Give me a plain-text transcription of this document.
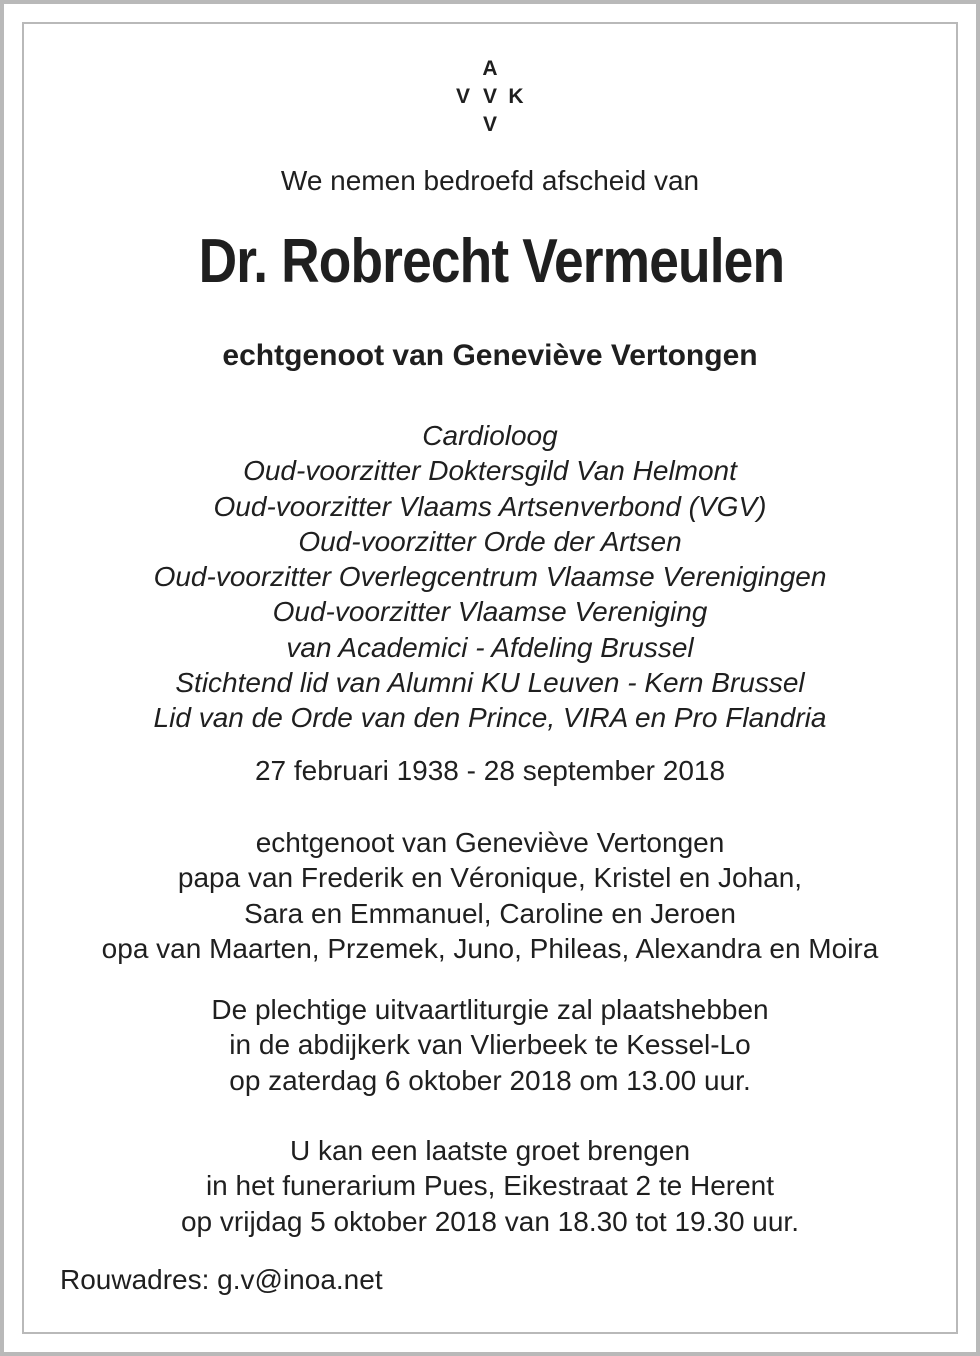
A
V V K
V
We nemen bedroefd afscheid van
Dr. Robrecht Vermeulen
echtgenoot van Geneviève Vertongen
Cardioloog
Oud-voorzitter Doktersgild Van Helmont
Oud-voorzitter Vlaams Artsenverbond (VGV)
Oud-voorzitter Orde der Artsen
Oud-voorzitter Overlegcentrum Vlaamse Verenigingen
Oud-voorzitter Vlaamse Vereniging
van Academici - Afdeling Brussel
Stichtend lid van Alumni KU Leuven - Kern Brussel
Lid van de Orde van den Prince, VIRA en Pro Flandria
27 februari 1938 - 28 september 2018
echtgenoot van Geneviève Vertongen
papa van Frederik en Véronique, Kristel en Johan,
Sara en Emmanuel, Caroline en Jeroen
opa van Maarten, Przemek, Juno, Phileas, Alexandra en Moira
De plechtige uitvaartliturgie zal plaatshebben
in de abdijkerk van Vlierbeek te Kessel-Lo
op zaterdag 6 oktober 2018 om 13.00 uur.
U kan een laatste groet brengen
in het funerarium Pues, Eikestraat 2 te Herent
op vrijdag 5 oktober 2018 van 18.30 tot 19.30 uur.
Rouwadres: g.v@inoa.net
